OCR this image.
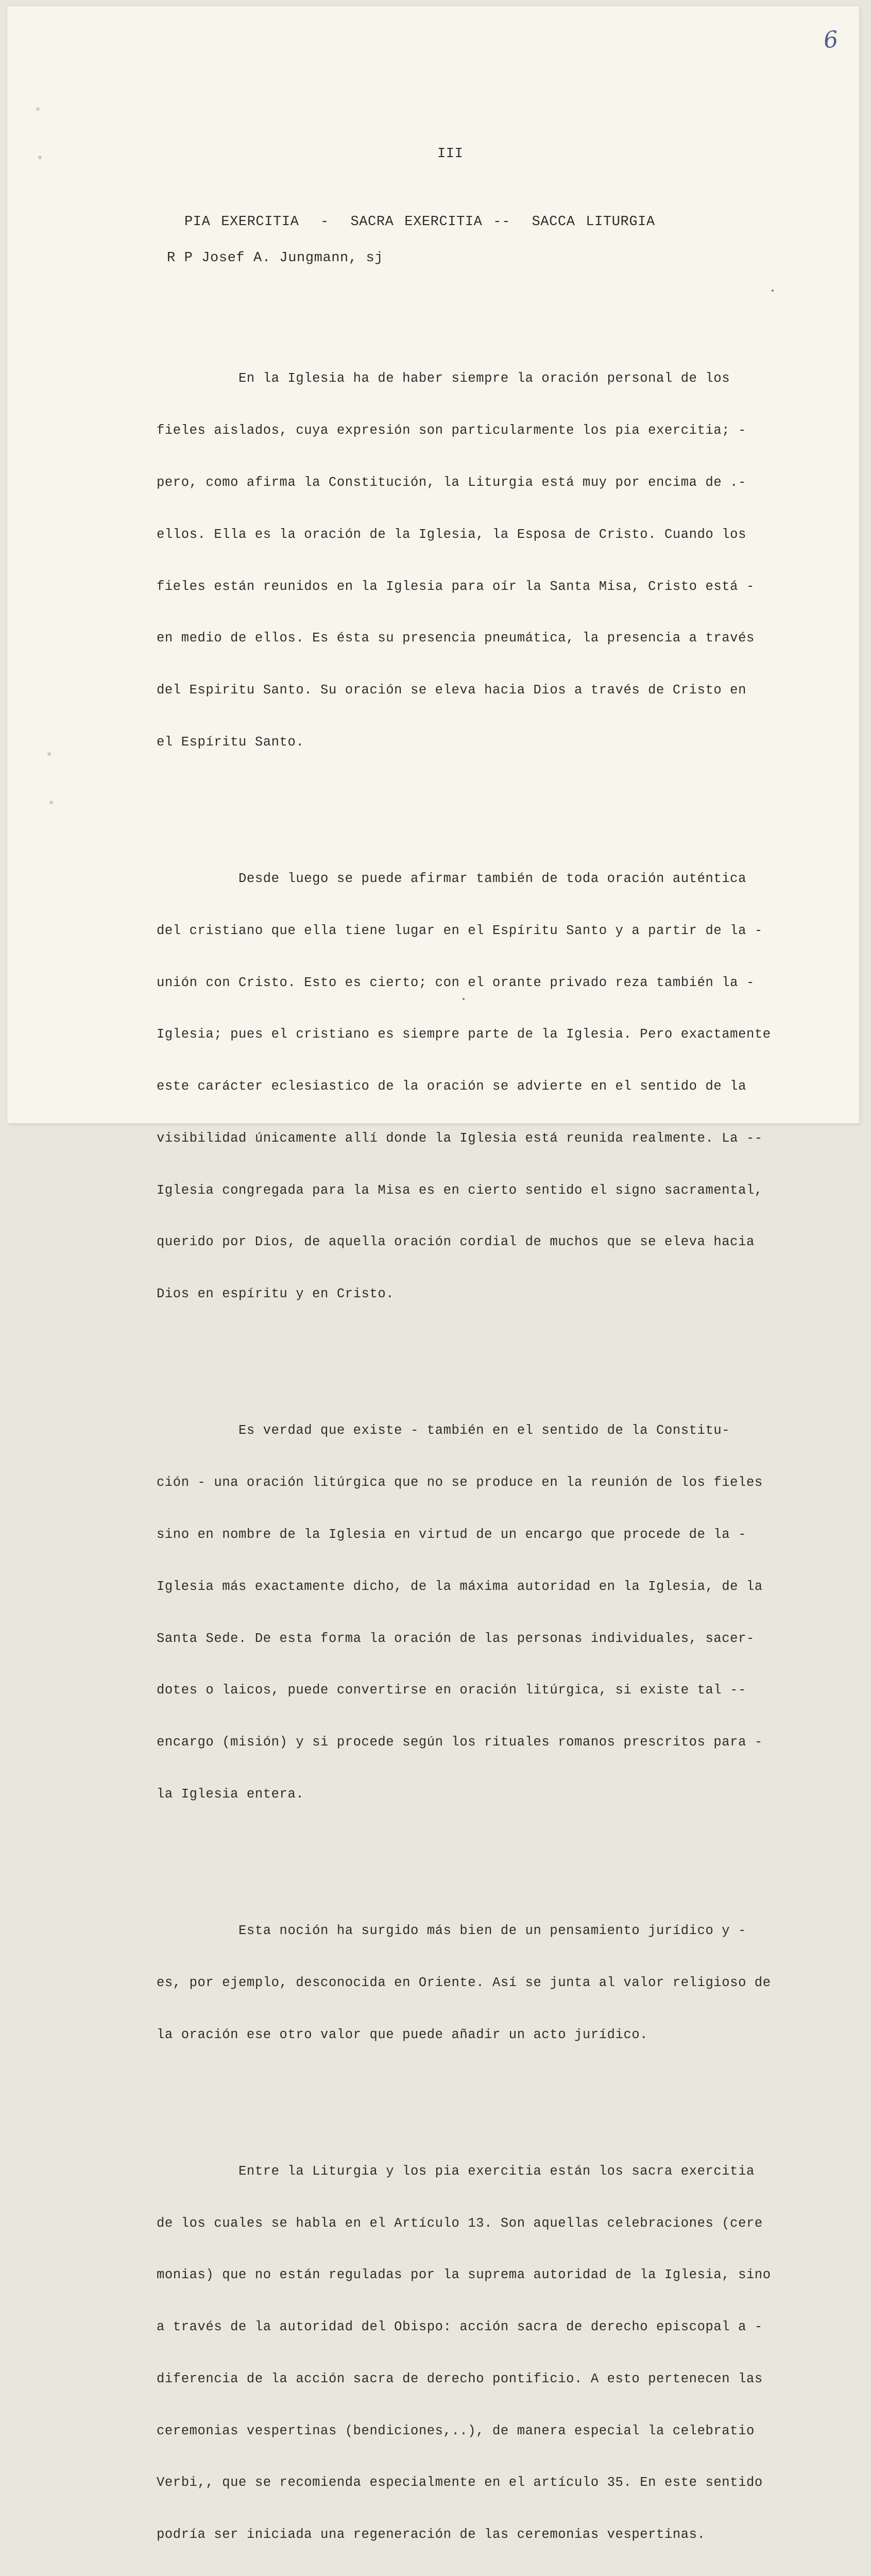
6
III
PIA EXERCITIA  -  SACRA EXERCITIA --  SACCA LITURGIA
R P Josef A. Jungmann, sj

En la Iglesia ha de haber siempre la oración personal de los

fieles aislados, cuya expresión son particularmente los pia exercitia; -

pero, como afirma la Constitución, la Liturgia está muy por encima de .-

ellos. Ella es la oración de la Iglesia, la Esposa de Cristo. Cuando los

fieles están reunidos en la Iglesia para oír la Santa Misa, Cristo está -

en medio de ellos. Es ésta su presencia pneumática, la presencia a través

del Espiritu Santo. Su oración se eleva hacia Dios a través de Cristo en

el Espíritu Santo.

Desde luego se puede afirmar también de toda oración auténtica

del cristiano que ella tiene lugar en el Espíritu Santo y a partir de la -

unión con Cristo. Esto es cierto; con el orante privado reza también la -

Iglesia; pues el cristiano es siempre parte de la Iglesia. Pero exactamente

este carácter eclesiastico de la oración se advierte en el sentido de la

visibilidad únicamente allí donde la Iglesia está reunida realmente. La --

Iglesia congregada para la Misa es en cierto sentido el signo sacramental,

querido por Dios, de aquella oración cordial de muchos que se eleva hacia

Dios en espíritu y en Cristo.

Es verdad que existe - también en el sentido de la Constitu-

ción - una oración litúrgica que no se produce en la reunión de los fieles

sino en nombre de la Iglesia en virtud de un encargo que procede de la -

Iglesia más exactamente dicho, de la máxima autoridad en la Iglesia, de la

Santa Sede. De esta forma la oración de las personas individuales, sacer-

dotes o laicos, puede convertirse en oración litúrgica, si existe tal --

encargo (misión) y si procede según los rituales romanos prescritos para -

la Iglesia entera.

Esta noción ha surgido más bien de un pensamiento jurídico y -

es, por ejemplo, desconocida en Oriente. Así se junta al valor religioso de

la oración ese otro valor que puede añadir un acto jurídico.

Entre la Liturgia y los pia exercitia están los sacra exercitia

de los cuales se habla en el Artículo 13. Son aquellas celebraciones (cere

monias) que no están reguladas por la suprema autoridad de la Iglesia, sino

a través de la autoridad del Obispo: acción sacra de derecho episcopal a -

diferencia de la acción sacra de derecho pontificio. A esto pertenecen las

ceremonias vespertinas (bendiciones,..), de manera especial la celebratio

Verbi,, que se recomienda especialmente en el artículo 35. En este sentido

podría ser iniciada una regeneración de las ceremonias vespertinas.
